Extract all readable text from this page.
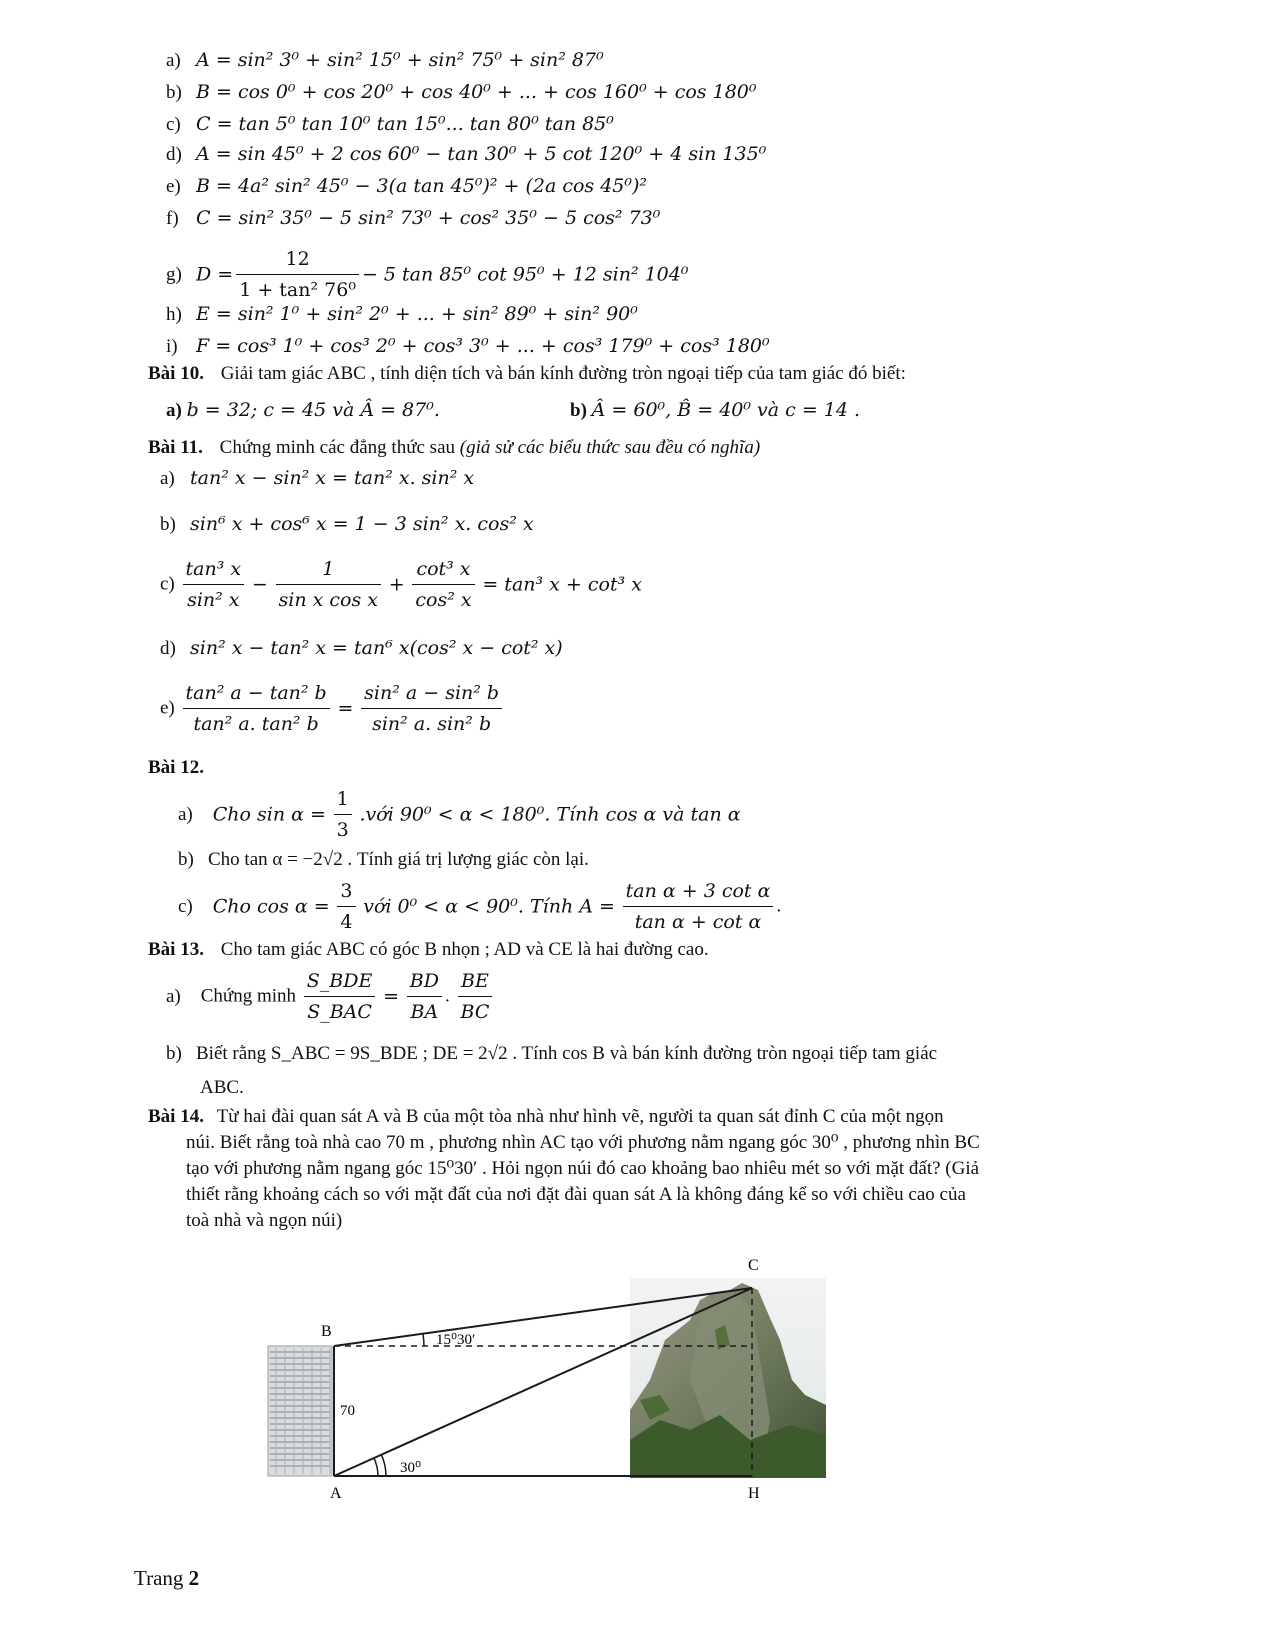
a) A = sin² 3⁰ + sin² 15⁰ + sin² 75⁰ + sin² 87⁰
b) B = cos 0⁰ + cos 20⁰ + cos 40⁰ + ... + cos 160⁰ + cos 180⁰
c) C = tan 5⁰ tan 10⁰ tan 15⁰... tan 80⁰ tan 85⁰
d) A = sin 45⁰ + 2 cos 60⁰ − tan 30⁰ + 5 cot 120⁰ + 4 sin 135⁰
e) B = 4a² sin² 45⁰ − 3(a tan 45⁰)² + (2a cos 45⁰)²
f) C = sin² 35⁰ − 5 sin² 73⁰ + cos² 35⁰ − 5 cos² 73⁰
g) $D = \frac{12}{\text{1 + tan² 76⁰}} - 5$ tan 85⁰ cot 95⁰ + 12 sin² 104⁰
h) E = sin² 1⁰ + sin² 2⁰ + ... + sin² 89⁰ + sin² 90⁰
i) F = cos³ 1⁰ + cos³ 2⁰ + cos³ 3⁰ + ... + cos³ 179⁰ + cos³ 180⁰
Bài 10. Giải tam giác ABC , tính diện tích và bán kính đường tròn ngoại tiếp của tam giác đó biết:
a) b = 32; c = 45 và Â = 87⁰.	b) Â = 60⁰, B̂ = 40⁰ và c = 14 .
Bài 11. Chứng minh các đẳng thức sau (giả sử các biểu thức sau đều có nghĩa)
a) tan² x − sin² x = tan² x. sin² x
b) sin⁶ x + cos⁶ x = 1 − 3 sin² x. cos² x
$c) \frac{\text{tan³ x}}{\text{sin² x}} - \frac{1}{\text{sin x cos x}} + \frac{\text{cot³ x}}{\text{cos² x}} = \tan^3$ x + cot³ x
d) sin² x − tan² x = tan⁶ x(cos² x − cot² x)
$e) \frac{\text{tan² a − tan² b}}{\text{tan² a. tan² b}} = \frac{\text{sin² a − sin² b}}{\text{sin² a. sin² b}}$
Bài 12.
a) Cho $\sin \alpha = \frac{1}{3}$ .với 90⁰ < α < 180⁰. Tính cos α và tan α
b) Cho tan α = −2√2 . Tính giá trị lượng giác còn lại.
c) Cho $\cos \alpha = \frac{3}{4}$ với 0⁰ < α < 90⁰. Tính $A = \frac{\text{tan α + 3 cot α}}{\text{tan α + cot α}}$ .
Bài 13. Cho tam giác ABC có góc B nhọn ; AD và CE là hai đường cao.
a) Chứng minh $\frac{\text{S\_BDE}}{\text{S\_BAC}} = \frac{BD}{BA}$ . $\frac{BE}{BC}$
b) Biết rằng S_ABC = 9S_BDE ; DE = 2√2 . Tính cos B và bán kính đường tròn ngoại tiếp tam giác
ABC.
Bài 14. Từ hai đài quan sát A và B của một tòa nhà như hình vẽ, người ta quan sát đỉnh C của một ngọn
núi. Biết rằng toà nhà cao 70 m , phương nhìn AC tạo với phương nằm ngang góc 30⁰ , phương nhìn BC
tạo với phương nằm ngang góc 15⁰30′ . Hỏi ngọn núi đó cao khoảng bao nhiêu mét so với mặt đất? (Giả
thiết rằng khoảng cách so với mặt đất của nơi đặt đài quan sát A là không đáng kể so với chiều cao của
toà nhà và ngọn núi)
C
B
A	H
15⁰30′
30⁰
70
Trang 2
